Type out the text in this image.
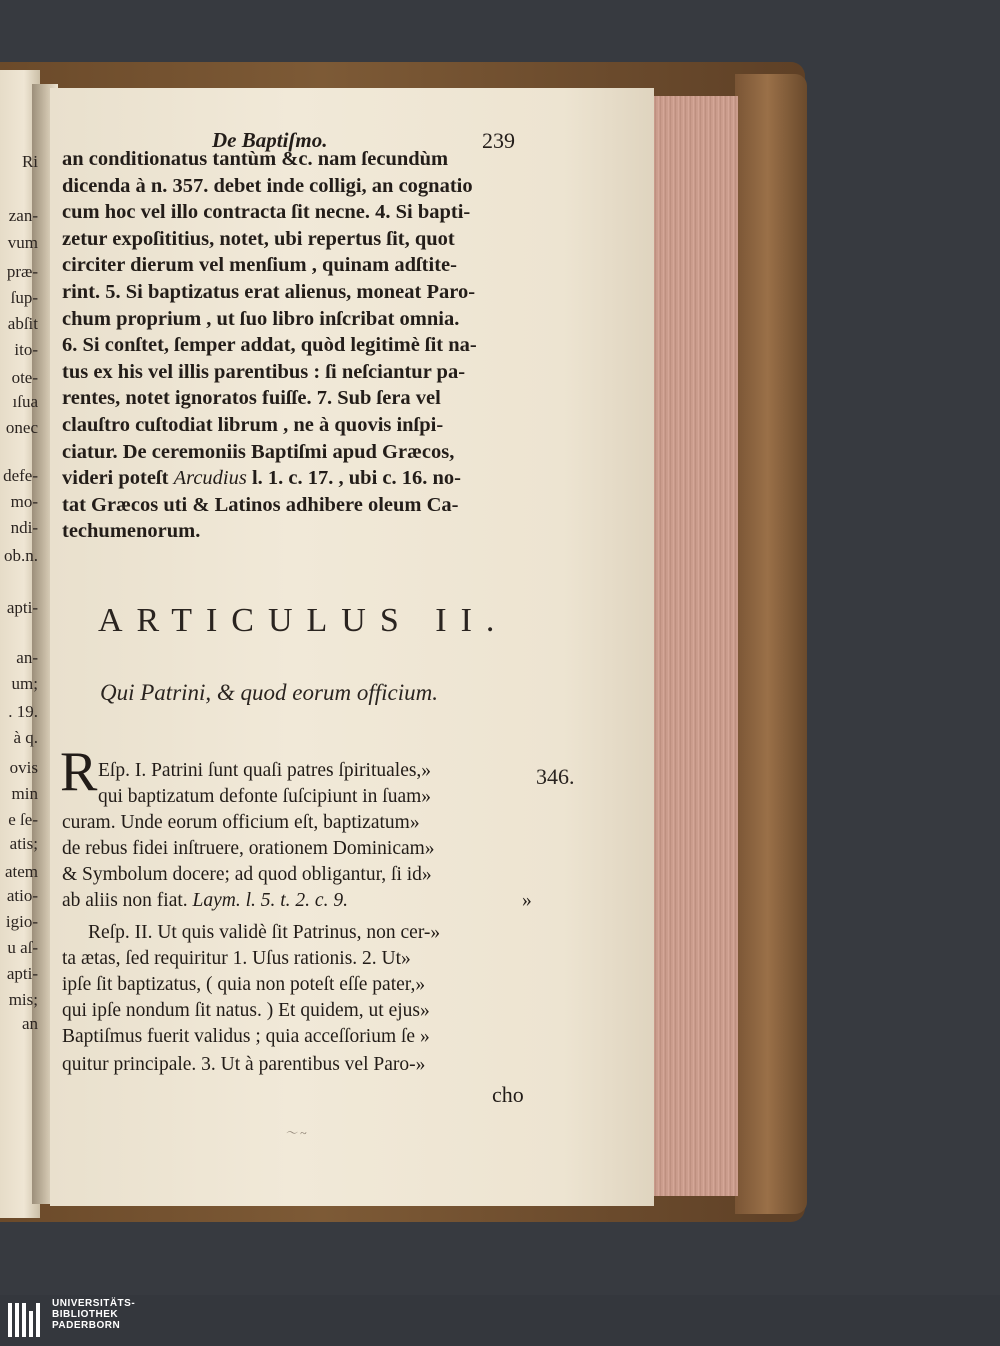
Ri
zan-
vum
præ-
ſup-
abſit
ito-
ote-
ıſua
onec
defe-
mo-
ndi-
ob.n.
apti-
an-
um;
. 19.
à q.
ovis
min
e ſe-
atis;
atem
atio-
igio-
u aſ-
apti-
mis;
an
De Baptiſmo.	239
an conditionatus tantùm &c. nam ſecundùm
dicenda à n. 357. debet inde colligi, an cognatio
cum hoc vel illo contracta ſit necne. 4. Si bapti-
zetur expoſititius, notet, ubi repertus ſit, quot
circiter dierum vel menſium , quinam adſtite-
rint. 5. Si baptizatus erat alienus, moneat Paro-
chum proprium , ut ſuo libro inſcribat omnia.
6. Si conſtet, ſemper addat, quòd legitimè ſit na-
tus ex his vel illis parentibus : ſi neſciantur pa-
rentes, notet ignoratos fuiſſe. 7. Sub ſera vel
clauſtro cuſtodiat librum , ne à quovis inſpi-
ciatur. De ceremoniis Baptiſmi apud Græcos,
videri poteſt Arcudius l. 1. c. 17. , ubi c. 16. no-
tat Græcos uti & Latinos adhibere oleum Ca-
techumenorum.
ARTICULUS II.
Qui Patrini, & quod eorum officium.
R Eſp. I. Patrini ſunt quaſi patres ſpirituales,»
qui baptizatum defonte ſuſcipiunt in ſuam»
curam. Unde eorum officium eſt, baptizatum»
de rebus fidei inſtruere, orationem Dominicam»
& Symbolum docere; ad quod obligantur, ſi id»
ab aliis non fiat. Laym. l. 5. t. 2. c. 9.	»
Reſp. II. Ut quis validè ſit Patrinus, non cer-»
ta ætas, ſed requiritur 1. Uſus rationis. 2. Ut»
ipſe ſit baptizatus, ( quia non poteſt eſſe pater,»
qui ipſe nondum ſit natus. ) Et quidem, ut ejus»
Baptiſmus fuerit validus ; quia acceſſorium ſe »
quitur principale. 3. Ut à parentibus vel Paro-»
346.
cho
～ ~
UNIVERSITÄTS-
BIBLIOTHEK
PADERBORN
